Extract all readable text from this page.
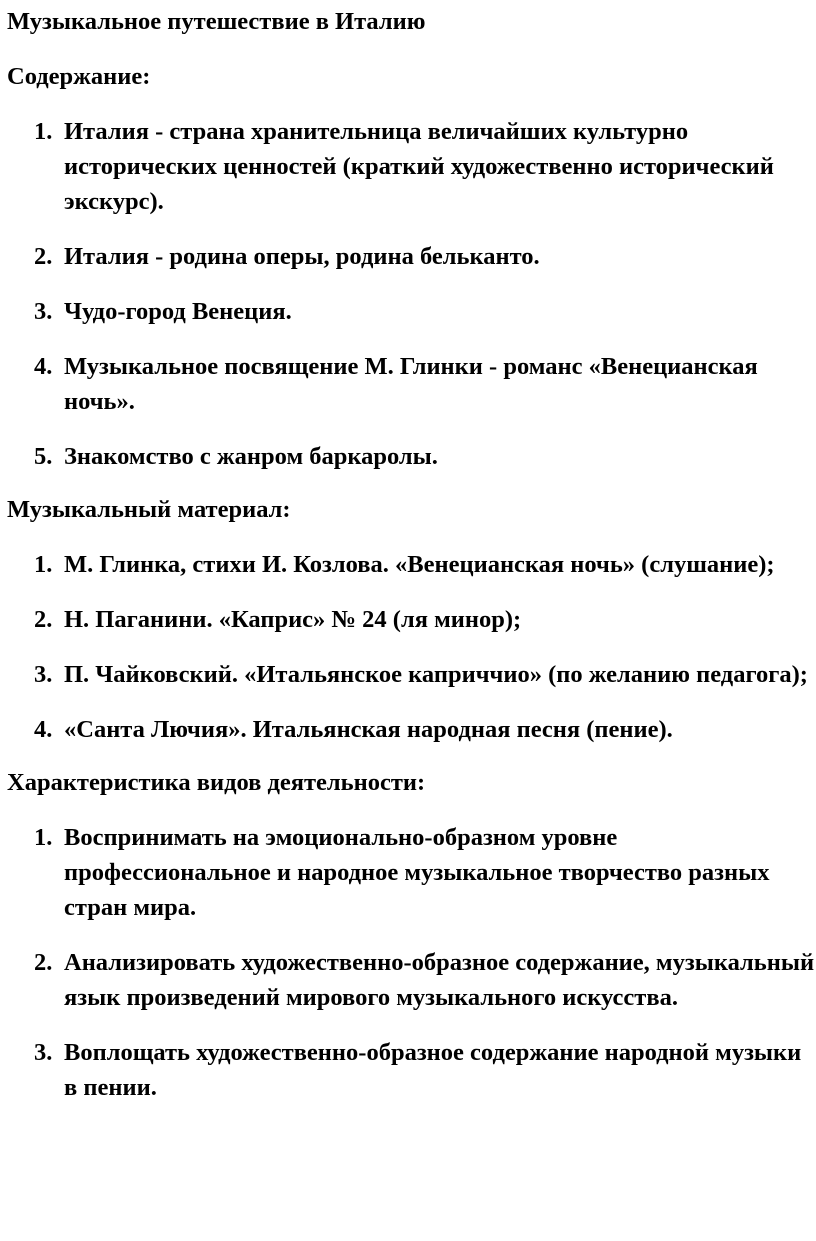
Музыкальное путешествие в Италию
Содержание:
1. Италия - страна хранительница величайших культурно исторических ценностей (краткий художественно исторический экскурс).
2. Италия - родина оперы, родина бельканто.
3. Чудо-город Венеция.
4. Музыкальное посвящение М. Глинки - романс «Венецианская ночь».
5. Знакомство с жанром баркаролы.
Музыкальный материал:
1. М. Глинка, стихи И. Козлова. «Венецианская ночь» (слушание);
2. Н. Паганини. «Каприс» № 24 (ля минор);
3. П. Чайковский. «Итальянское каприччио» (по желанию педагога);
4. «Санта Лючия». Итальянская народная песня (пение).
Характеристика видов деятельности:
1. Воспринимать на эмоционально-образном уровне профессиональное и народное музыкальное творчество разных стран мира.
2. Анализировать художественно-образное содержание, музыкальный язык произведений мирового музыкального искусства.
3. Воплощать художественно-образное содержание народной музыки в пении.
